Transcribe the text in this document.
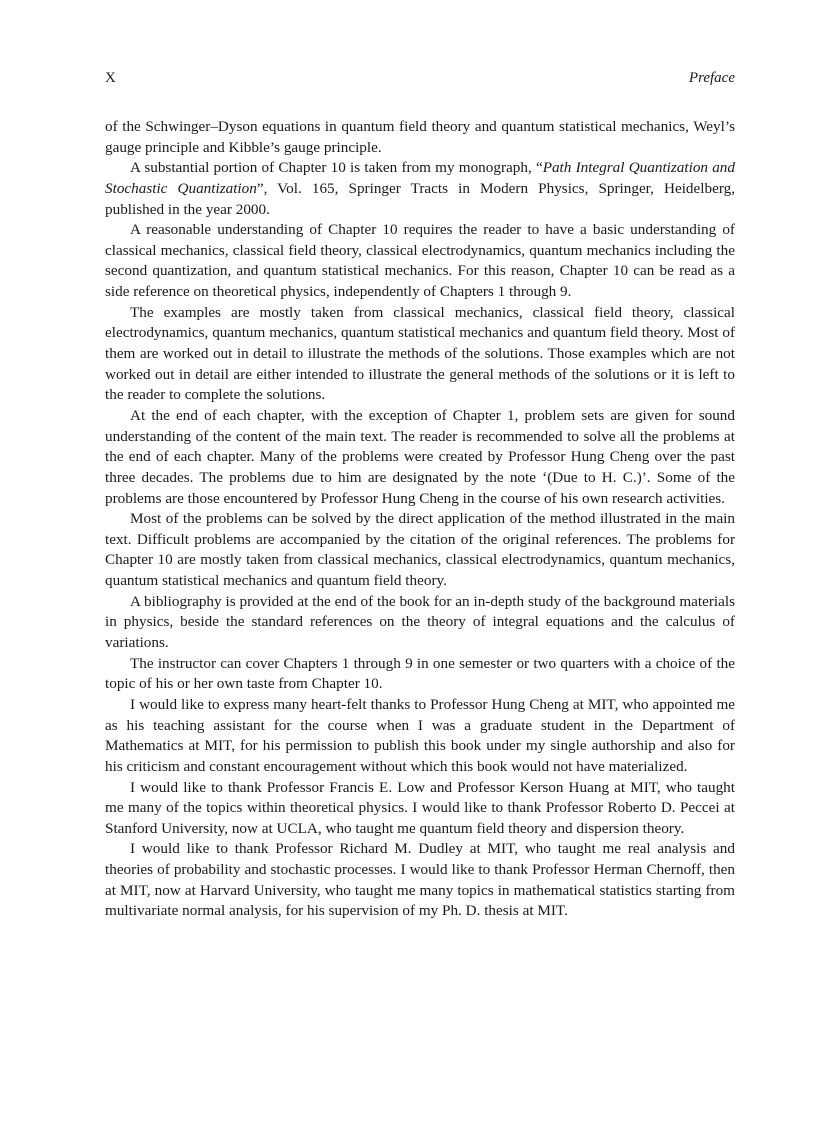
X	Preface

of the Schwinger–Dyson equations in quantum field theory and quantum statistical mechanics, Weyl’s gauge principle and Kibble’s gauge principle.

A substantial portion of Chapter 10 is taken from my monograph, “Path Integral Quantization and Stochastic Quantization”, Vol. 165, Springer Tracts in Modern Physics, Springer, Heidelberg, published in the year 2000.

A reasonable understanding of Chapter 10 requires the reader to have a basic understanding of classical mechanics, classical field theory, classical electrodynamics, quantum mechanics including the second quantization, and quantum statistical mechanics. For this reason, Chapter 10 can be read as a side reference on theoretical physics, independently of Chapters 1 through 9.

The examples are mostly taken from classical mechanics, classical field theory, classical electrodynamics, quantum mechanics, quantum statistical mechanics and quantum field theory. Most of them are worked out in detail to illustrate the methods of the solutions. Those examples which are not worked out in detail are either intended to illustrate the general methods of the solutions or it is left to the reader to complete the solutions.

At the end of each chapter, with the exception of Chapter 1, problem sets are given for sound understanding of the content of the main text. The reader is recommended to solve all the problems at the end of each chapter. Many of the problems were created by Professor Hung Cheng over the past three decades. The problems due to him are designated by the note ‘(Due to H. C.)’. Some of the problems are those encountered by Professor Hung Cheng in the course of his own research activities.

Most of the problems can be solved by the direct application of the method illustrated in the main text. Difficult problems are accompanied by the citation of the original references. The problems for Chapter 10 are mostly taken from classical mechanics, classical electrodynamics, quantum mechanics, quantum statistical mechanics and quantum field theory.

A bibliography is provided at the end of the book for an in-depth study of the background materials in physics, beside the standard references on the theory of integral equations and the calculus of variations.

The instructor can cover Chapters 1 through 9 in one semester or two quarters with a choice of the topic of his or her own taste from Chapter 10.

I would like to express many heart-felt thanks to Professor Hung Cheng at MIT, who appointed me as his teaching assistant for the course when I was a graduate student in the Department of Mathematics at MIT, for his permission to publish this book under my single authorship and also for his criticism and constant encouragement without which this book would not have materialized.

I would like to thank Professor Francis E. Low and Professor Kerson Huang at MIT, who taught me many of the topics within theoretical physics. I would like to thank Professor Roberto D. Peccei at Stanford University, now at UCLA, who taught me quantum field theory and dispersion theory.

I would like to thank Professor Richard M. Dudley at MIT, who taught me real analysis and theories of probability and stochastic processes. I would like to thank Professor Herman Chernoff, then at MIT, now at Harvard University, who taught me many topics in mathematical statistics starting from multivariate normal analysis, for his supervision of my Ph. D. thesis at MIT.
